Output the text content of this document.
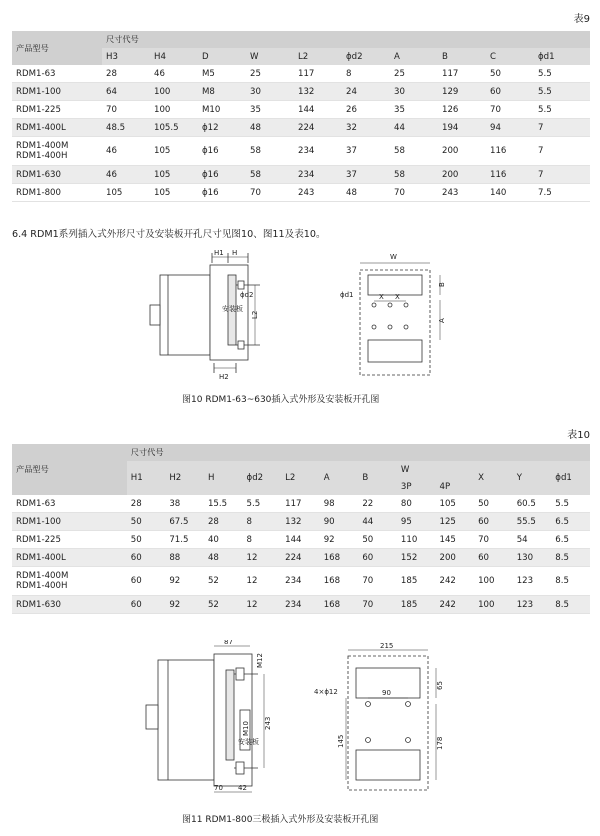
表9
产品型号	尺寸代号									
	H3	H4	D	W	L2	ϕd2	A	B	C	ϕd1
RDM1-63	28	46	M5	25	117	8	25	117	50	5.5
RDM1-100	64	100	M8	30	132	24	30	129	60	5.5
RDM1-225	70	100	M10	35	144	26	35	126	70	5.5
RDM1-400L	48.5	105.5	ϕ12	48	224	32	44	194	94	7

RDM1-400M
RDM1-400H	46	105	ϕ16	58	234	37	58	200	116	7
RDM1-630	46	105	ϕ16	58	234	37	58	200	116	7
RDM1-800	105	105	ϕ16	70	243	48	70	243	140	7.5
6.4 RDM1系列插入式外形尺寸及安装板开孔尺寸见图10、图11及表10。
H1 H
ϕd2
安装板
L2
H2
W
ϕd1	X X
A
B
图10 RDM1-63~630插入式外形及安装板开孔图
表10
产品型号	尺寸代号											
	H1	H2	H	ϕd2	L2	A	B	W		X	Y	ϕd1
								3P	4P			
RDM1-63	28	38	15.5	5.5	117	98	22	80	105	50	60.5	5.5
RDM1-100	50	67.5	28	8	132	90	44	95	125	60	55.5	6.5
RDM1-225	50	71.5	40	8	144	92	50	110	145	70	54	6.5
RDM1-400L	60	88	48	12	224	168	60	152	200	60	130	8.5

RDM1-400M
RDM1-400H	60	92	52	12	234	168	70	185	242	100	123	8.5
RDM1-630	60	92	52	12	234	168	70	185	242	100	123	8.5
87
M12
M10 243
安装板
70 42
215
4×ϕ12	90
65
145	178
图11 RDM1-800三极插入式外形及安装板开孔图
